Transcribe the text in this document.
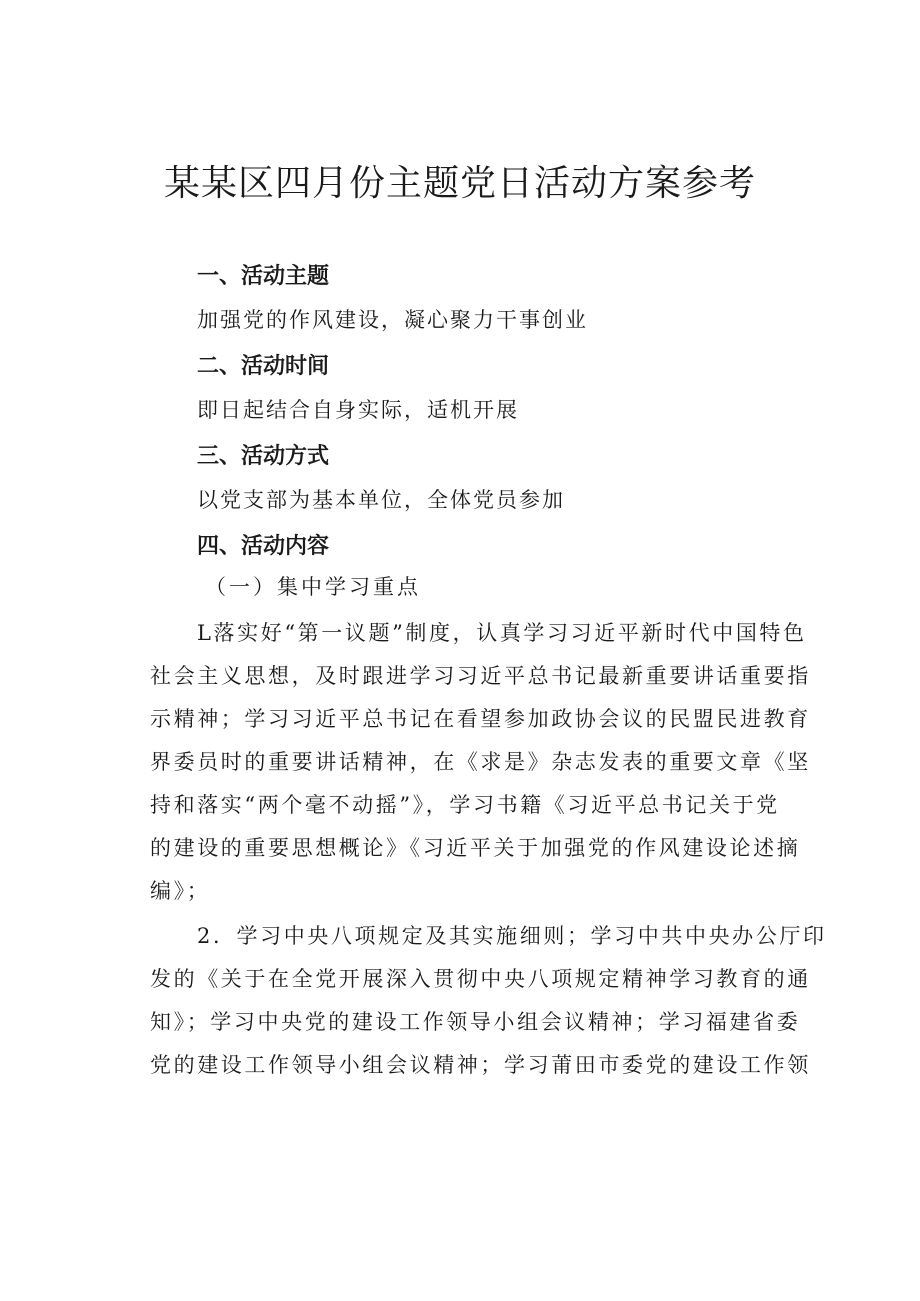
某某区四月份主题党日活动方案参考
一、活动主题
加强党的作风建设，凝心聚力干事创业
二、活动时间
即日起结合自身实际，适机开展
三、活动方式
以党支部为基本单位，全体党员参加
四、活动内容
（一）集中学习重点
L落实好“第一议题”制度，认真学习习近平新时代中国特色
社会主义思想，及时跟进学习习近平总书记最新重要讲话重要指
示精神；学习习近平总书记在看望参加政协会议的民盟民进教育
界委员时的重要讲话精神，在《求是》杂志发表的重要文章《坚
持和落实“两个毫不动摇”》，学习书籍《习近平总书记关于党
的建设的重要思想概论》《习近平关于加强党的作风建设论述摘
编》；
2．学习中央八项规定及其实施细则；学习中共中央办公厅印
发的《关于在全党开展深入贯彻中央八项规定精神学习教育的通
知》；学习中央党的建设工作领导小组会议精神；学习福建省委
党的建设工作领导小组会议精神；学习莆田市委党的建设工作领
